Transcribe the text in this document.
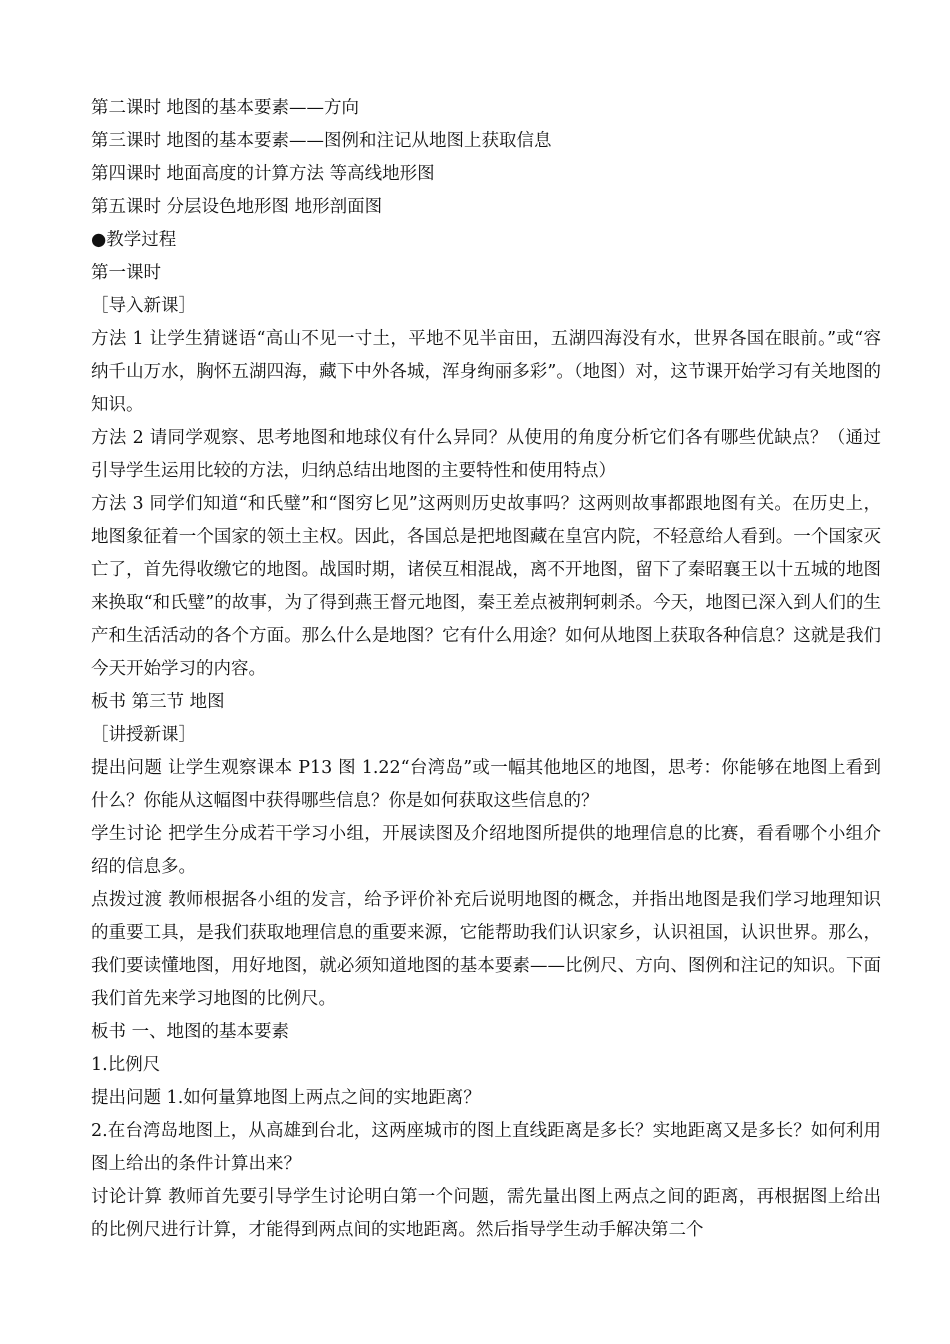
第二课时 地图的基本要素——方向

第三课时 地图的基本要素——图例和注记从地图上获取信息

第四课时 地面高度的计算方法 等高线地形图

第五课时 分层设色地形图 地形剖面图

●教学过程

第一课时

［导入新课］

方法 1 让学生猜谜语“高山不见一寸土，平地不见半亩田，五湖四海没有水，世界各国在眼前。”或“容纳千山万水，胸怀五湖四海，藏下中外各城，浑身绚丽多彩”。（地图）对，这节课开始学习有关地图的知识。

方法 2 请同学观察、思考地图和地球仪有什么异同？从使用的角度分析它们各有哪些优缺点？（通过引导学生运用比较的方法，归纳总结出地图的主要特性和使用特点）

方法 3 同学们知道“和氏璧”和“图穷匕见”这两则历史故事吗？这两则故事都跟地图有关。在历史上，地图象征着一个国家的领土主权。因此，各国总是把地图藏在皇宫内院，不轻意给人看到。一个国家灭亡了，首先得收缴它的地图。战国时期，诸侯互相混战，离不开地图，留下了秦昭襄王以十五城的地图来换取“和氏璧”的故事，为了得到燕王督元地图，秦王差点被荆轲刺杀。今天，地图已深入到人们的生产和生活活动的各个方面。那么什么是地图？它有什么用途？如何从地图上获取各种信息？这就是我们今天开始学习的内容。

板书 第三节 地图

［讲授新课］

提出问题 让学生观察课本 P13 图 1.22“台湾岛”或一幅其他地区的地图，思考：你能够在地图上看到什么？你能从这幅图中获得哪些信息？你是如何获取这些信息的？

学生讨论 把学生分成若干学习小组，开展读图及介绍地图所提供的地理信息的比赛，看看哪个小组介绍的信息多。

点拨过渡 教师根据各小组的发言，给予评价补充后说明地图的概念，并指出地图是我们学习地理知识的重要工具，是我们获取地理信息的重要来源，它能帮助我们认识家乡，认识祖国，认识世界。那么，我们要读懂地图，用好地图，就必须知道地图的基本要素——比例尺、方向、图例和注记的知识。下面我们首先来学习地图的比例尺。

板书 一、地图的基本要素

1.比例尺

提出问题 1.如何量算地图上两点之间的实地距离？

2.在台湾岛地图上，从高雄到台北，这两座城市的图上直线距离是多长？实地距离又是多长？如何利用图上给出的条件计算出来？

讨论计算 教师首先要引导学生讨论明白第一个问题，需先量出图上两点之间的距离，再根据图上给出的比例尺进行计算，才能得到两点间的实地距离。然后指导学生动手解决第二个
